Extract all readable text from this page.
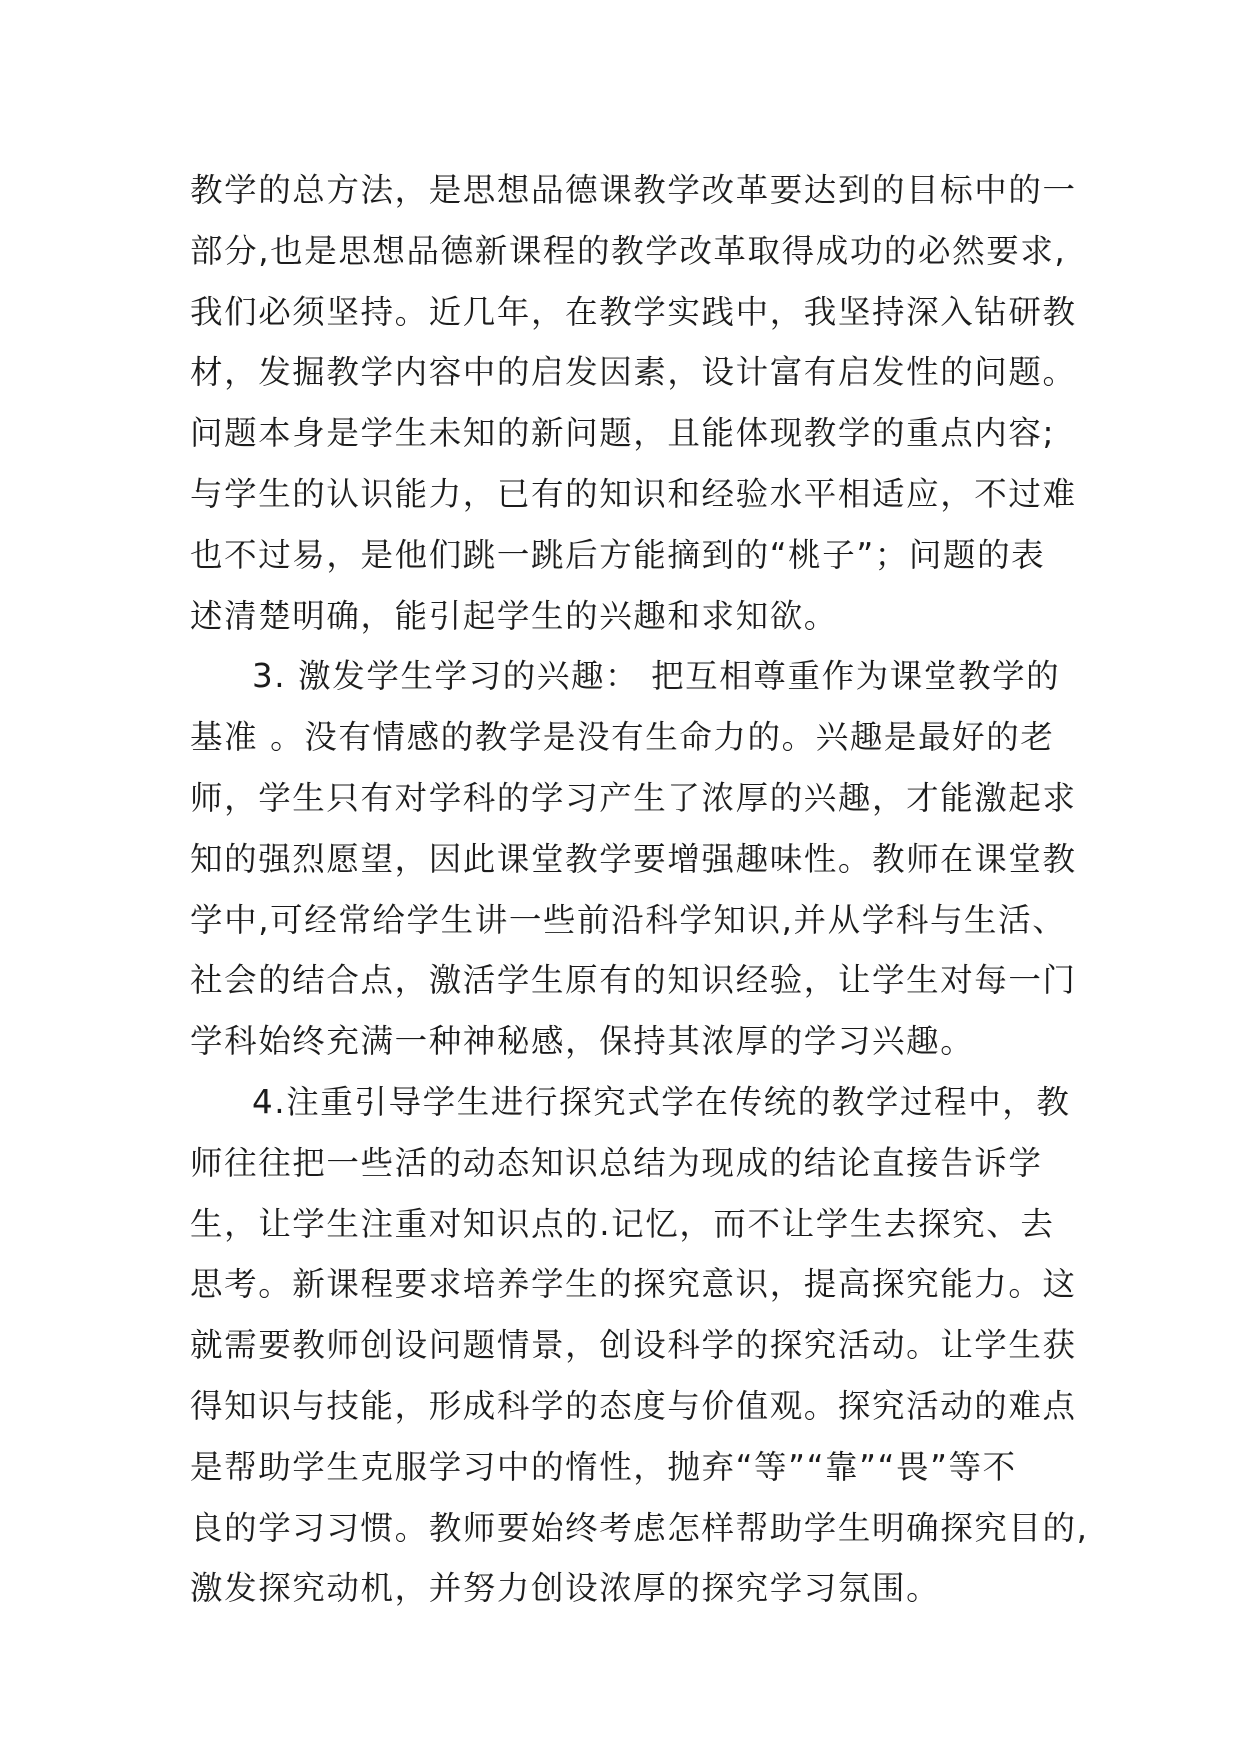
教学的总方法，是思想品德课教学改革要达到的目标中的一
部分,也是思想品德新课程的教学改革取得成功的必然要求,
我们必须坚持。近几年，在教学实践中，我坚持深入钻研教
材，发掘教学内容中的启发因素，设计富有启发性的问题。
问题本身是学生未知的新问题，且能体现教学的重点内容;
与学生的认识能力，已有的知识和经验水平相适应，不过难
也不过易，是他们跳一跳后方能摘到的“桃子”；问题的表
述清楚明确，能引起学生的兴趣和求知欲。
3. 激发学生学习的兴趣： 把互相尊重作为课堂教学的
基准 。没有情感的教学是没有生命力的。兴趣是最好的老
师，学生只有对学科的学习产生了浓厚的兴趣，才能激起求
知的强烈愿望，因此课堂教学要增强趣味性。教师在课堂教
学中,可经常给学生讲一些前沿科学知识,并从学科与生活、
社会的结合点，激活学生原有的知识经验，让学生对每一门
学科始终充满一种神秘感，保持其浓厚的学习兴趣。
4.注重引导学生进行探究式学在传统的教学过程中，教
师往往把一些活的动态知识总结为现成的结论直接告诉学
生，让学生注重对知识点的.记忆，而不让学生去探究、去
思考。新课程要求培养学生的探究意识，提高探究能力。这
就需要教师创设问题情景，创设科学的探究活动。让学生获
得知识与技能，形成科学的态度与价值观。探究活动的难点
是帮助学生克服学习中的惰性，抛弃“等”“靠”“畏”等不
良的学习习惯。教师要始终考虑怎样帮助学生明确探究目的,
激发探究动机，并努力创设浓厚的探究学习氛围。
